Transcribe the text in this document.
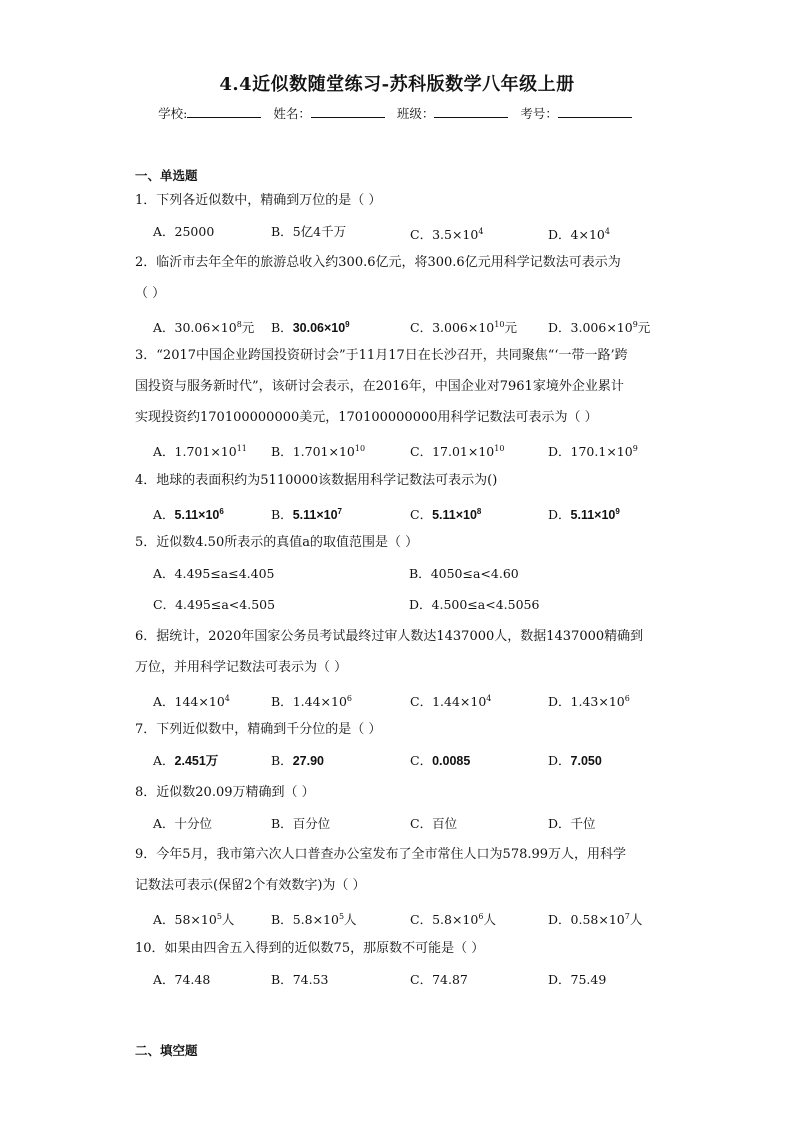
4.4近似数随堂练习-苏科版数学八年级上册
学校:	姓名：	班级：	考号：
一、单选题
1．下列各近似数中，精确到万位的是（ ）
A．25000	B．5亿4千万	C．$3.5\times 10^4$	D．$4\times 10^4$
2．临沂市去年全年的旅游总收入约300.6亿元，将300.6亿元用科学记数法可表示为
（ ）
A．$30.06\times 10^8$元 B．$30.06\times 10^9$	C．$3.006\times 10^{10}$元 D．$3.006\times 10^9$元
3．“2017中国企业跨国投资研讨会”于11月17日在长沙召开，共同聚焦“‘一带一路’跨
国投资与服务新时代”，该研讨会表示，在2016年，中国企业对7961家境外企业累计
实现投资约170100000000美元，170100000000用科学记数法可表示为（ ）
A．$1.701\times 10^{11}$ B．$1.701\times 10^{10}$	C．$17.01\times 10^{10}$	D．$170.1\times 10^9$
4．地球的表面积约为5110000该数据用科学记数法可表示为()
A．$5.11\times 10^6$	B．$5.11\times 10^7$	C．$5.11\times 10^8$	D．$5.11\times 10^9$
5．近似数4.50所表示的真值a的取值范围是（ ）
A．4.495≤a≤4.405	B．4050≤a<4.60
C．4.495≤a<4.505	D．4.500≤a<4.5056
6．据统计，2020年国家公务员考试最终过审人数达1437000人，数据1437000精确到
万位，并用科学记数法可表示为（ ）
A．$144\times 10^4$	B．$1.44\times 10^6$	C．$1.44\times 10^4$	D．$1.43\times 10^6$
7．下列近似数中，精确到千分位的是（ ）
A．2.451万	B．27.90	C．0.0085	D．7.050
8．近似数20.09万精确到（ ）
A．十分位	B．百分位	C．百位	D．千位
9．今年5月，我市第六次人口普查办公室发布了全市常住人口为578.99万人，用科学
记数法可表示(保留2个有效数字)为（ ）
A．$58\times 10^5$人	B．$5.8\times 10^5$人	C．$5.8\times 10^6$人	D．$0.58\times 10^7$人
10．如果由四舍五入得到的近似数75，那原数不可能是（ ）
A．74.48	B．74.53	C．74.87	D．75.49
二、填空题
